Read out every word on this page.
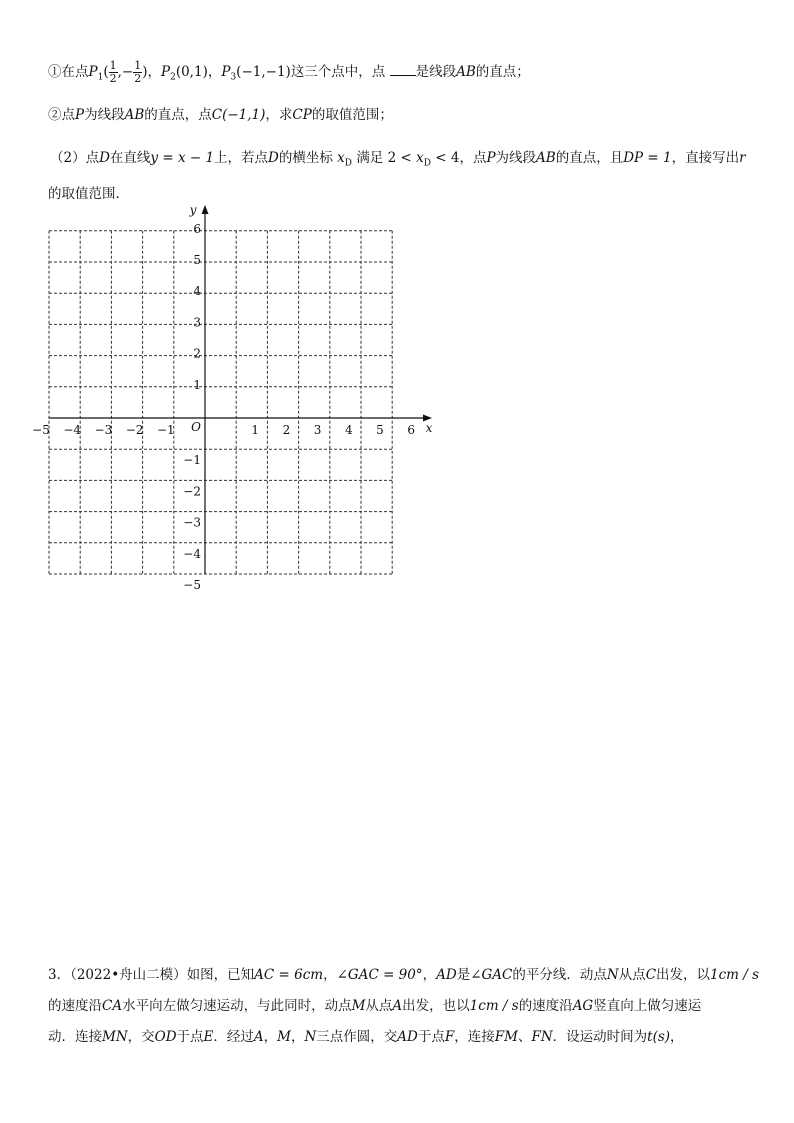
①在点$P_1( \frac{1}{2}$ ,− $\frac{1}{2}$ )，$P_2(0,1)$，$P_3(-1,-1)$这三个点中，点 是线段AB的直点；
②点P为线段AB的直点，点C(−1,1)，求CP的取值范围；
（2）点D在直线y = x − 1上，若点D的横坐标 $x_D$ 满足 $2 < x_D < 4$，点P为线段AB的直点，且DP = 1，直接写出r
的取值范围．
−5 −4 −3 −2 −1	1 2 3 4 5 6
6
5
4
3
2
1
−1
−2
−3
−4
−5
O	x
y
3．（2022•舟山二模）如图，已知AC = 6cm，∠GAC = 90°，AD是∠GAC的平分线．动点N从点C出发，以1cm / s
的速度沿CA水平向左做匀速运动，与此同时，动点M从点A出发，也以1cm / s的速度沿AG竖直向上做匀速运
动．连接MN，交OD于点E．经过A，M，N三点作圆，交AD于点F，连接FM、FN．设运动时间为t(s)，
